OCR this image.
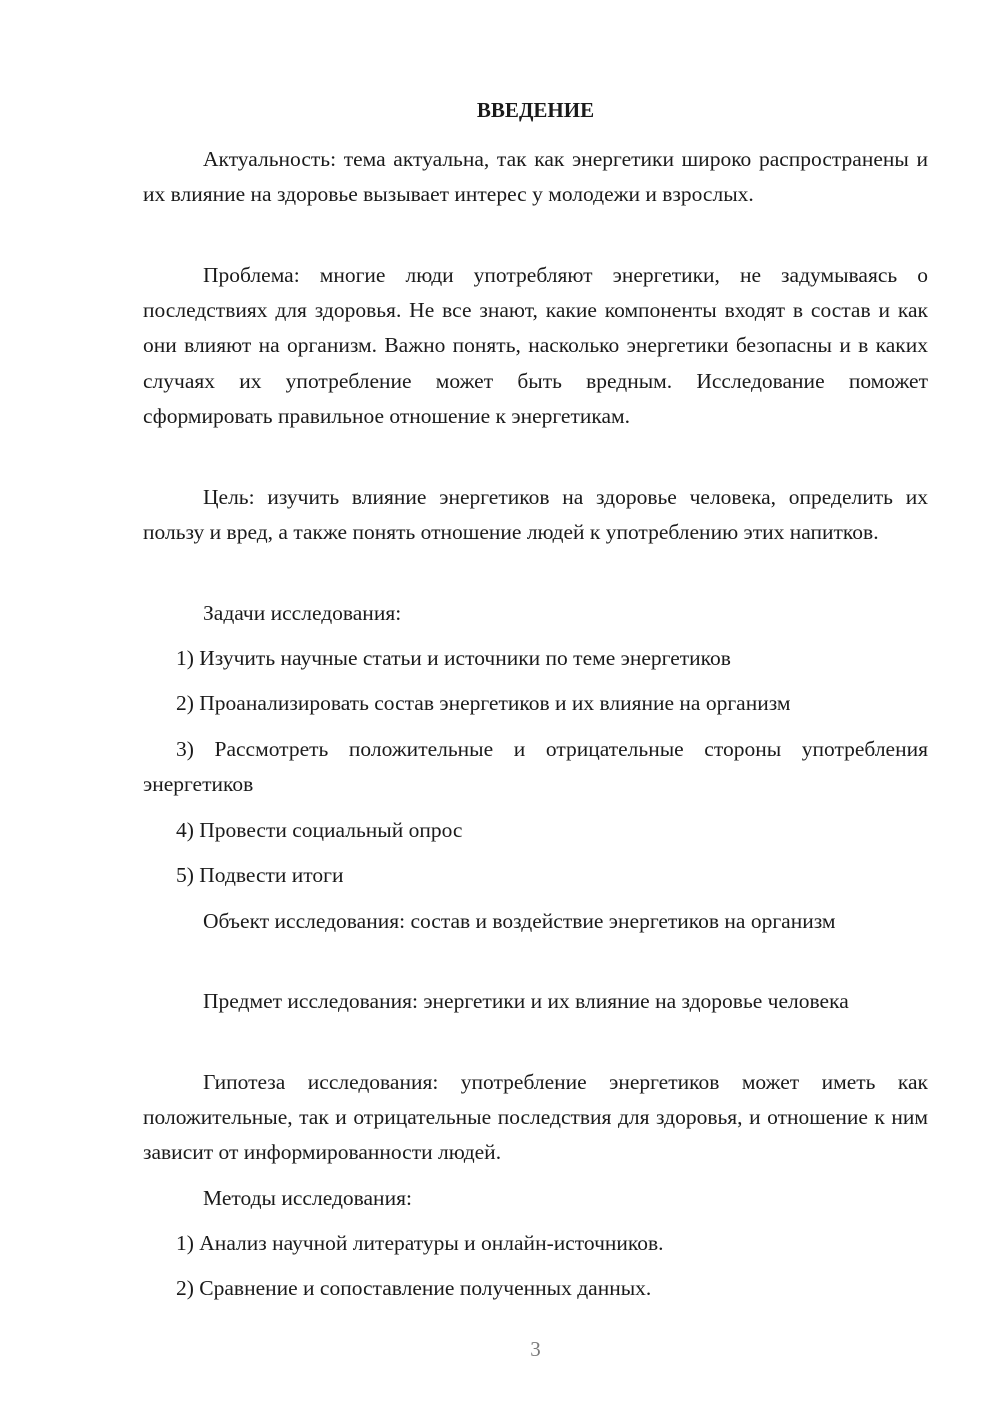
ВВЕДЕНИЕ

Актуальность: тема актуальна, так как энергетики широко распространены и их влияние на здоровье вызывает интерес у молодежи и взрослых.

Проблема: многие люди употребляют энергетики, не задумываясь о последствиях для здоровья. Не все знают, какие компоненты входят в состав и как они влияют на организм. Важно понять, насколько энергетики безопасны и в каких случаях их употребление может быть вредным. Исследование поможет сформировать правильное отношение к энергетикам.

Цель: изучить влияние энергетиков на здоровье человека, определить их пользу и вред, а также понять отношение людей к употреблению этих напитков.

Задачи исследования:

1) Изучить научные статьи и источники по теме энергетиков

2) Проанализировать состав энергетиков и их влияние на организм

3) Рассмотреть положительные и отрицательные стороны употребления энергетиков

4) Провести социальный опрос

5) Подвести итоги

Объект исследования: состав и воздействие энергетиков на организм

Предмет исследования: энергетики и их влияние на здоровье человека

Гипотеза исследования: употребление энергетиков может иметь как положительные, так и отрицательные последствия для здоровья, и отношение к ним зависит от информированности людей.

Методы исследования:

1) Анализ научной литературы и онлайн-источников.

2) Сравнение и сопоставление полученных данных.

3
